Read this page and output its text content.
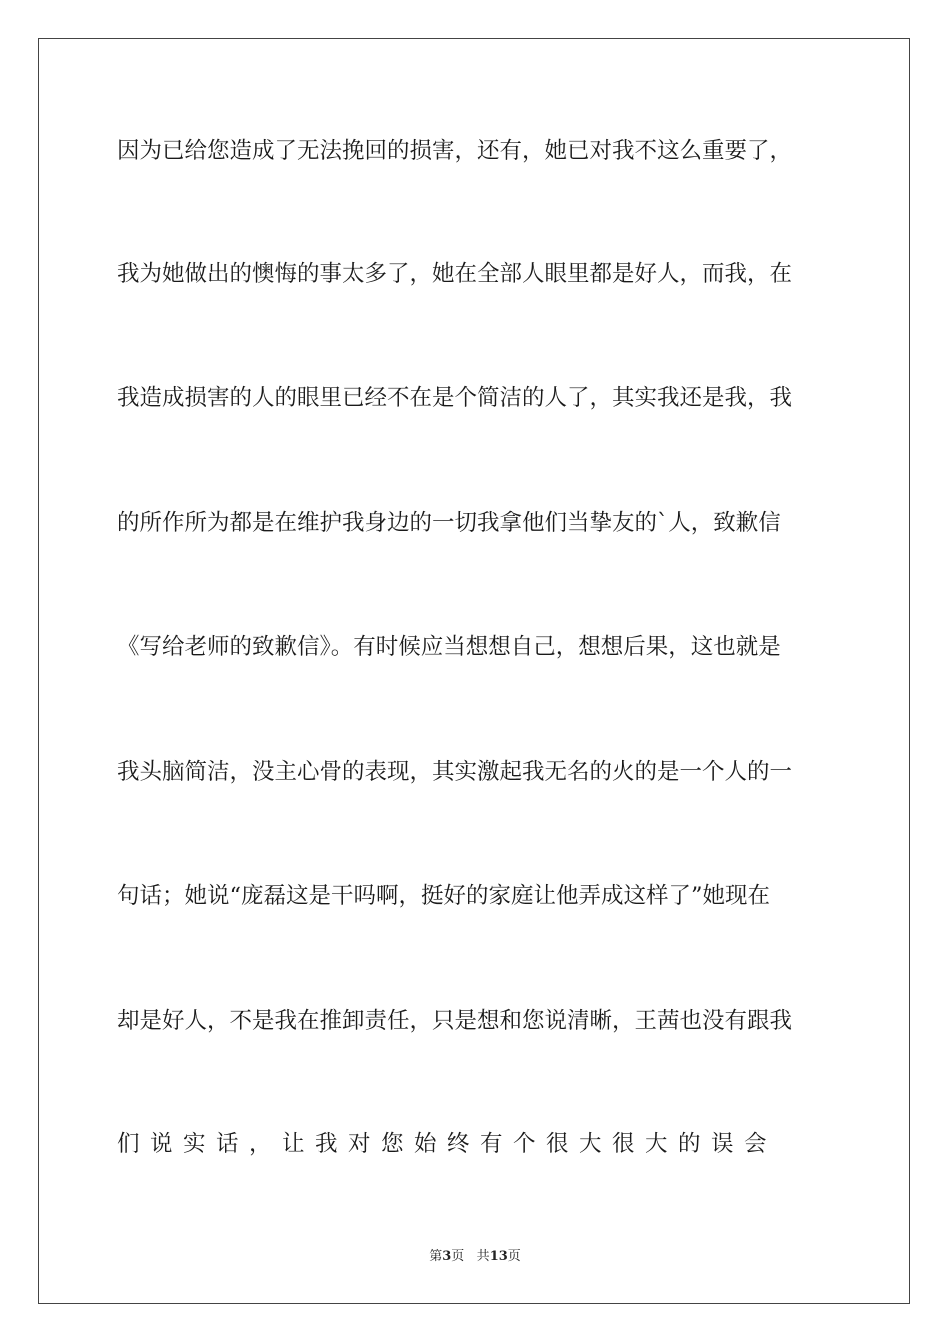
因为已给您造成了无法挽回的损害，还有，她已对我不这么重要了，
我为她做出的懊悔的事太多了，她在全部人眼里都是好人，而我，在
我造成损害的人的眼里已经不在是个简洁的人了，其实我还是我，我
的所作所为都是在维护我身边的一切我拿他们当挚友的`人，致歉信
《写给老师的致歉信》。有时候应当想想自己，想想后果，这也就是
我头脑简洁，没主心骨的表现，其实激起我无名的火的是一个人的一
句话；她说“庞磊这是干吗啊，挺好的家庭让他弄成这样了”她现在
却是好人，不是我在推卸责任，只是想和您说清晰，王茜也没有跟我
们说实话，让我对您始终有个很大很大的误会
第3页 共13页
